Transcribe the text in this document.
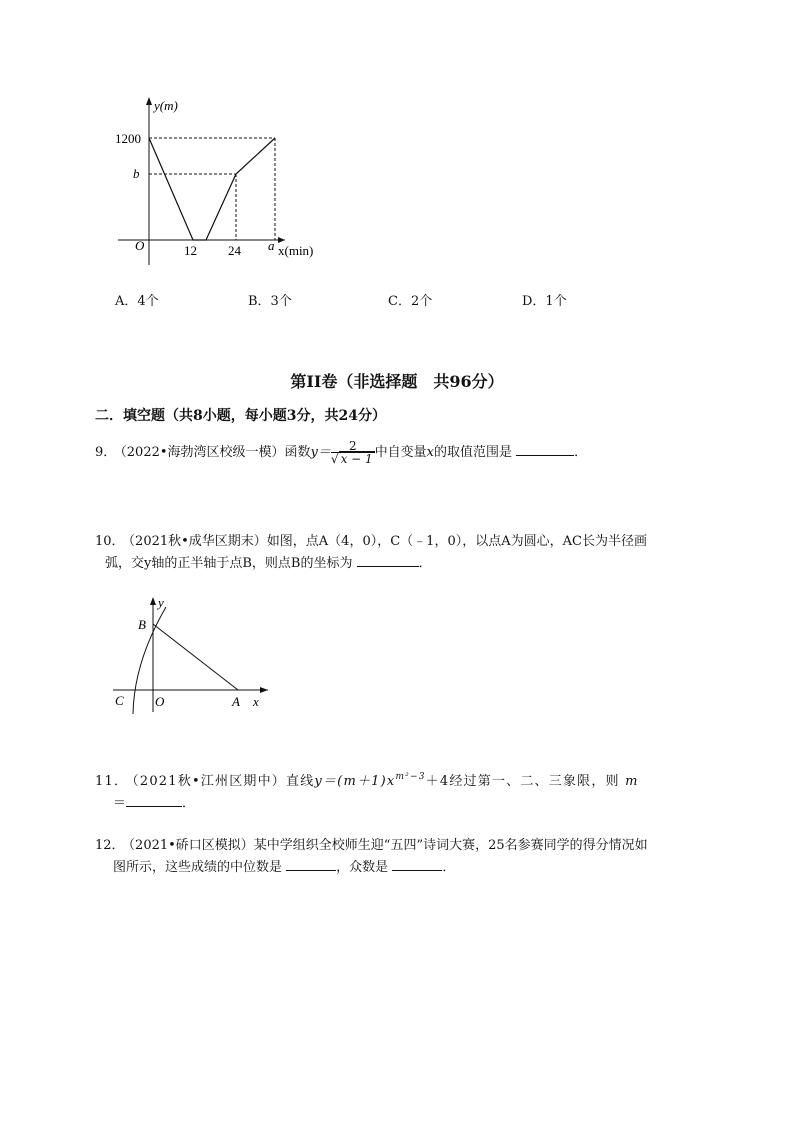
y(m)
x(min)
O
1200
b
12 24 a
A．4个	B．3个	C．2个	D．1个
第II卷（非选择题　共96分）
二．填空题（共8小题，每小题3分，共24分）
9． （2022•海勃湾区校级一模）函数$y= \frac{2}{√ x - 1}$ 中自变量x的取值范围是	．
10． （2021秋•成华区期末）如图，点A（4，0），C（﹣1，0），以点A为圆心，AC长为半径画
弧，交y轴的正半轴于点B，则点B的坐标为	．
y
B
C O	A x
11． （2021秋•江州区期中）直线$y=(m+1)x^{m^2-3}+4$经过第一、二、三象限，则 m
＝	．
12． （2021•硚口区模拟）某中学组织全校师生迎“五四”诗词大赛，25名参赛同学的得分情况如
图所示，这些成绩的中位数是	，众数是	．
